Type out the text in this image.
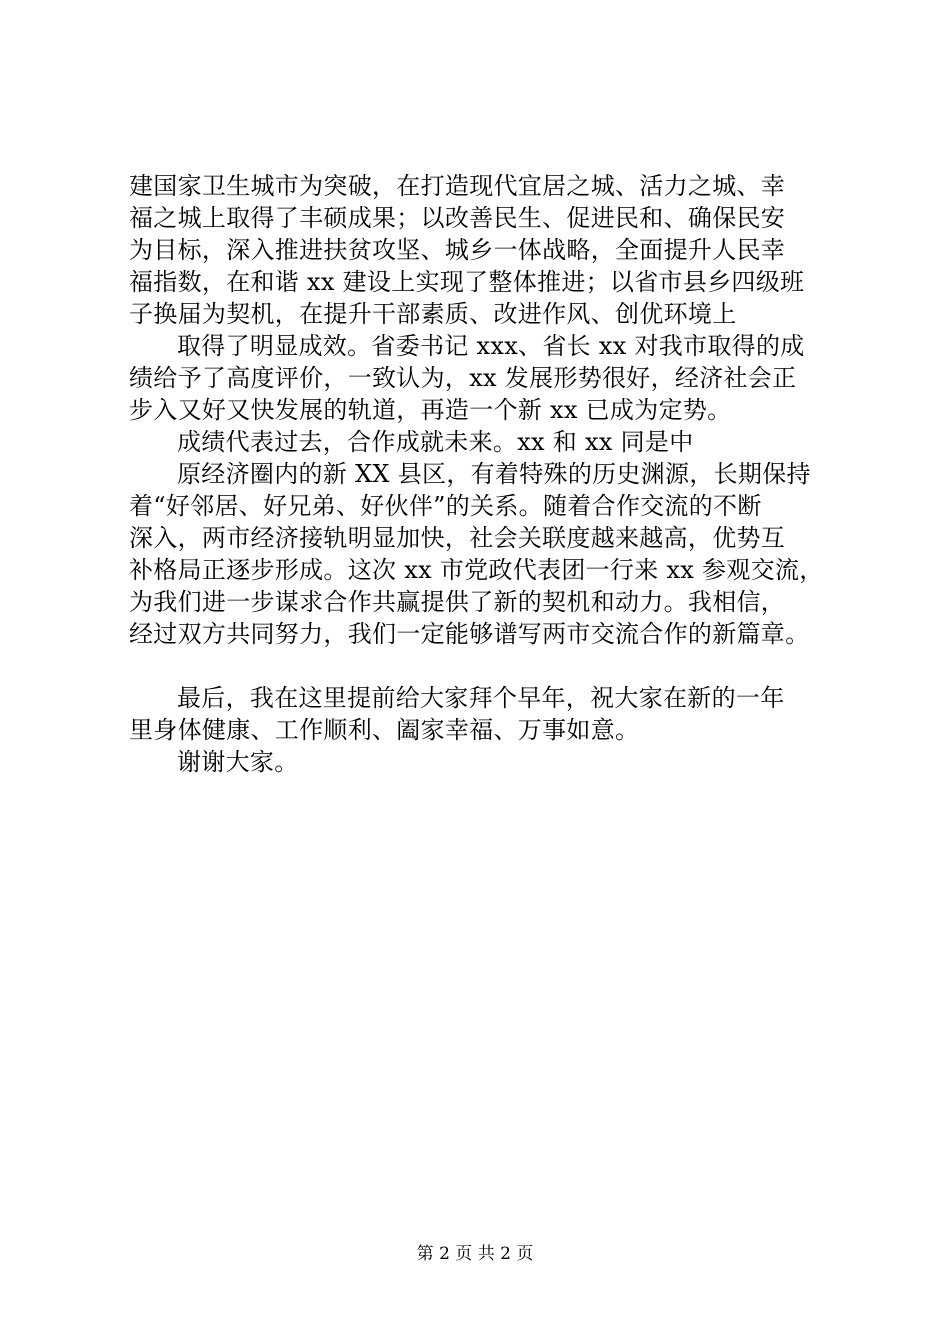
建国家卫生城市为突破，在打造现代宜居之城、活力之城、幸
福之城上取得了丰硕成果；以改善民生、促进民和、确保民安
为目标，深入推进扶贫攻坚、城乡一体战略，全面提升人民幸
福指数，在和谐 xx 建设上实现了整体推进；以省市县乡四级班
子换届为契机，在提升干部素质、改进作风、创优环境上
取得了明显成效。省委书记 xxx、省长 xx 对我市取得的成
绩给予了高度评价，一致认为，xx 发展形势很好，经济社会正
步入又好又快发展的轨道，再造一个新 xx 已成为定势。
成绩代表过去，合作成就未来。xx 和 xx 同是中
原经济圈内的新 XX 县区，有着特殊的历史渊源，长期保持
着“好邻居、好兄弟、好伙伴”的关系。随着合作交流的不断
深入，两市经济接轨明显加快，社会关联度越来越高，优势互
补格局正逐步形成。这次 xx 市党政代表团一行来 xx 参观交流，
为我们进一步谋求合作共赢提供了新的契机和动力。我相信，
经过双方共同努力，我们一定能够谱写两市交流合作的新篇章。
最后，我在这里提前给大家拜个早年，祝大家在新的一年
里身体健康、工作顺利、阖家幸福、万事如意。
谢谢大家。
第 2 页 共 2 页
